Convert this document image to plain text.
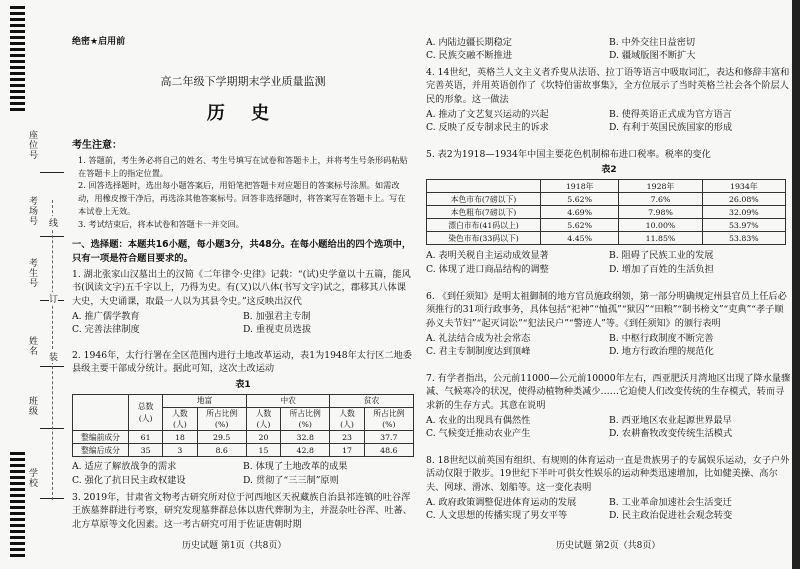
座位号
考场号
考生号
姓名
班级
学校
线
订
装
绝密★启用前
高二年级下学期期末学业质量监测
历 史
考生注意：

1. 答题前，考生务必将自己的姓名、考生号填写在试卷和答题卡上，并将考生号条形码粘贴在答题卡上的指定位置。

2. 回答选择题时，选出每小题答案后，用铅笔把答题卡对应题目的答案标号涂黑。如需改动，用橡皮擦干净后，再选涂其他答案标号。回答非选择题时，将答案写在答题卡上。写在本试卷上无效。

3. 考试结束后，将本试卷和答题卡一并交回。

一、选择题：本题共16小题，每小题3分，共48分。在每小题给出的四个选项中，只有一项是符合题目要求的。
1. 湖北张家山汉墓出土的汉简《二年律令·史律》记载：“(试)史学童以十五篇，能风书(讽读文字)五千字以上，乃得为史。有(又)以八体(书写文字)试之，郡移其八体课大史，大史诵课，取最一人以为其县令史。”这反映出汉代
A. 推广儒学教育	B. 加强君主专制
C. 完善法律制度	D. 重视吏员选拔
2. 1946年，太行行署在全区范围内进行土地改革运动，表1为1948年太行区二地委县级主要干部成分统计。据此可知，这次土改运动
表1
	总数(人)	地富		中农		贫农	
		人数(人)	所占比例(%)	人数(人)	所占比例(%)	人数(人)	所占比例(%)
整编前成分	61	18	29.5	20	32.8	23	37.7
整编后成分	35	3	8.6	15	42.8	17	48.6
A. 适应了解放战争的需求	B. 体现了土地改革的成果
C. 强化了抗日民主政权建设	D. 贯彻了“三三制”原则
3. 2019年，甘肃省文物考古研究所对位于河西地区天祝藏族自治县祁连镇的吐谷浑王族墓葬群进行考察，研究发现墓葬群总体以唐代葬制为主，并混杂吐谷浑、吐蕃、北方草原等文化因素。这一考古研究可用于佐证唐朝时期
历史试题 第1页（共8页）
A. 内陆边疆长期稳定	B. 中外交往日益密切
C. 民族交融不断推进	D. 疆域版图不断扩大
4. 14世纪，英格兰人文主义者乔叟从法语、拉丁语等语言中吸取词汇，表达和修辞丰富和完善英语，并用英语创作了《坎特伯雷故事集》，全方位展示了当时英格兰社会各个阶层人民的形象。这一做法
A. 推动了文艺复兴运动的兴起	B. 使得英语正式成为官方语言
C. 反映了反专制求民主的诉求	D. 有利于英国民族国家的形成
5. 表2为1918—1934年中国主要花色机制棉布进口税率。税率的变化
表2
	1918年	1928年	1934年
本色市布(7磅以下)	5.62%	7.6%	26.08%
本色粗布(7磅以下)	4.69%	7.98%	32.09%
漂白市布(41码以上)	5.62%	10.00%	53.97%
染色市布(33码以下)	4.45%	11.85%	53.83%
A. 表明关税自主运动成效显著	B. 阻碍了民族工业的发展
C. 体现了进口商品结构的调整	D. 增加了百姓的生活负担
6. 《到任须知》是明太祖御制的地方官员施政纲领，第一部分明确规定州县官员上任后必须推行的31项行政事务，具体包括“祀神”“恤孤”“狱囚”“田粮”“制书榜文”“吏典”“孝子顺孙义夫节妇”“起灭词讼”“犯法民户”“警迹人”等。《到任须知》的颁行表明
A. 礼法结合成为社会常态	B. 中枢行政制度不断完善
C. 君主专制制度达到顶峰	D. 地方行政治理的规范化
7. 有学者指出，公元前11000—公元前10000年左右，西亚肥沃月湾地区出现了降水量骤减、气候寒冷的状况，使得动植物种类减少……它迫使人们改变传统的生存模式，转而寻求新的生存方式。其意在说明
A. 农业的出现具有偶然性	B. 西亚地区农业起源世界最早
C. 气候变迁推动农业产生	D. 农耕畜牧改变传统生活模式
8. 18世纪以前英国有组织、有规则的体育运动一直是贵族男子的专属娱乐运动，女子户外活动仅限于散步。19世纪下半叶可供女性娱乐的运动种类迅速增加，比如健美操、高尔夫、网球、滑冰、划船等。这一变化表明
A. 政府政策调整促进体育运动的发展	B. 工业革命加速社会生活变迁
C. 人文思想的传播实现了男女平等	D. 民主政治促进社会观念转变
历史试题 第2页（共8页）
